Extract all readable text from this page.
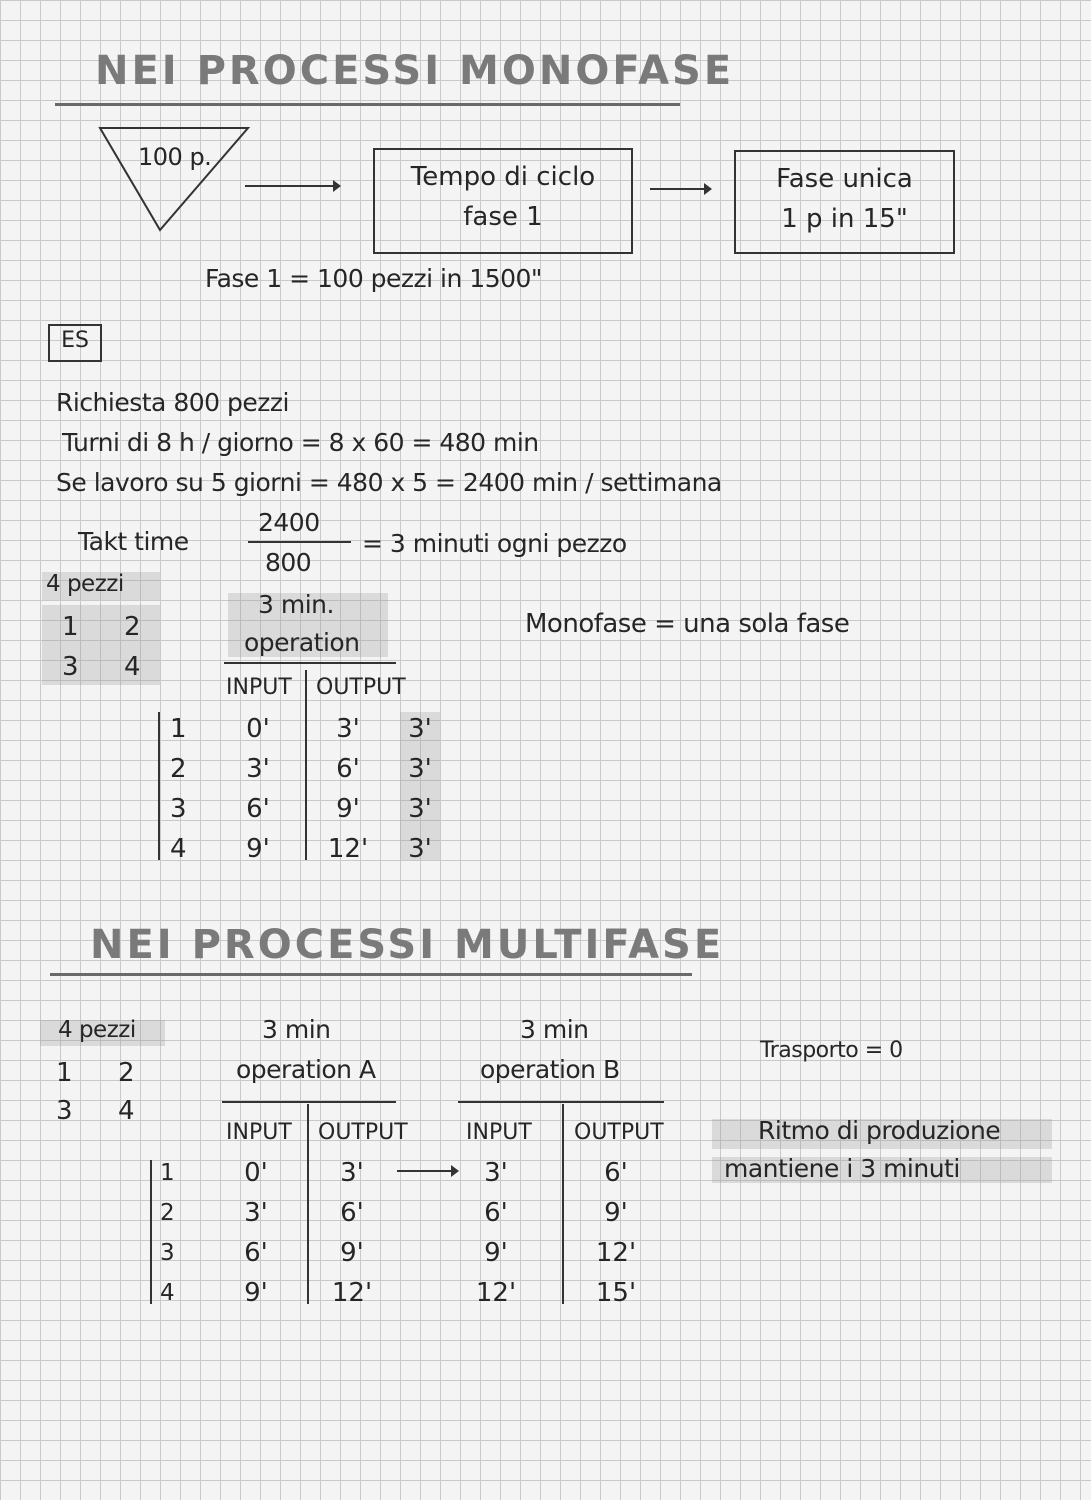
NEI PROCESSI MONOFASE
100 p.
Tempo di ciclo
fase 1
Fase unica
1 p in 15"
Fase 1 = 100 pezzi in 1500"
ES
Richiesta 800 pezzi
Turni di 8 h / giorno = 8 x 60 = 480 min
Se lavoro su 5 giorni = 480 x 5 = 2400 min / settimana
Takt time
2400
800
= 3 minuti ogni pezzo
4 pezzi
1 2
3 4
3 min.
operation
Monofase = una sola fase
INPUT OUTPUT
1	0'	3'	3'
2	3'	6'	3'
3	6'	9'	3'
4	9'	12'	3'
NEI PROCESSI MULTIFASE
4 pezzi
1 2
3 4
3 min
operation A
3 min
operation B
Trasporto = 0
Ritmo di produzione
mantiene i 3 minuti
INPUT OUTPUT	INPUT OUTPUT
1	0'	3'	3'	6'
2	3'	6'	6'	9'
3	6'	9'	9'	12'
4	9'	12'	12'	15'
